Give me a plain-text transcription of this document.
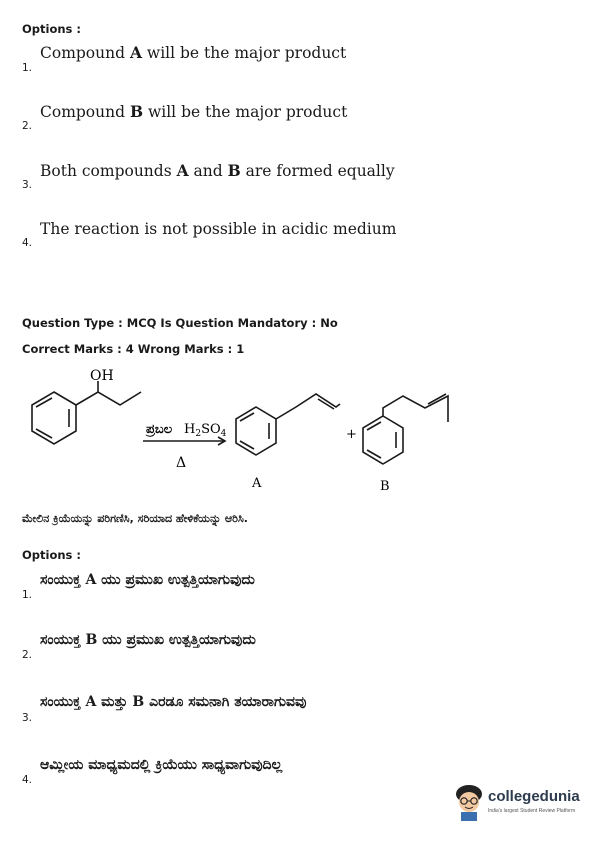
Options :
1.
Compound A will be the major product
2.
Compound B will be the major product
3.
Both compounds A and B are formed equally
4.
The reaction is not possible in acidic medium
Question Type : MCQ Is Question Mandatory : No
Correct Marks : 4 Wrong Marks : 1
OH
ಪ್ರಬಲ $H_2SO_4$
Δ
+
A	B
ಮೇಲಿನ ಕ್ರಿಯೆಯನ್ನು ಪರಿಗಣಿಸಿ, ಸರಿಯಾದ ಹೇಳಿಕೆಯನ್ನು ಆರಿಸಿ.
Options :
1.
ಸಂಯುಕ್ತ A ಯು ಪ್ರಮುಖ ಉತ್ಪತ್ತಿಯಾಗುವುದು
2.
ಸಂಯುಕ್ತ B ಯು ಪ್ರಮುಖ ಉತ್ಪತ್ತಿಯಾಗುವುದು
3.
ಸಂಯುಕ್ತ A ಮತ್ತು B ಎರಡೂ ಸಮನಾಗಿ ತಯಾರಾಗುವವು
4.
ಆಮ್ಲೀಯ ಮಾಧ್ಯಮದಲ್ಲಿ ಕ್ರಿಯೆಯು ಸಾಧ್ಯವಾಗುವುದಿಲ್ಲ
collegedunia
India's largest Student Review Platform
